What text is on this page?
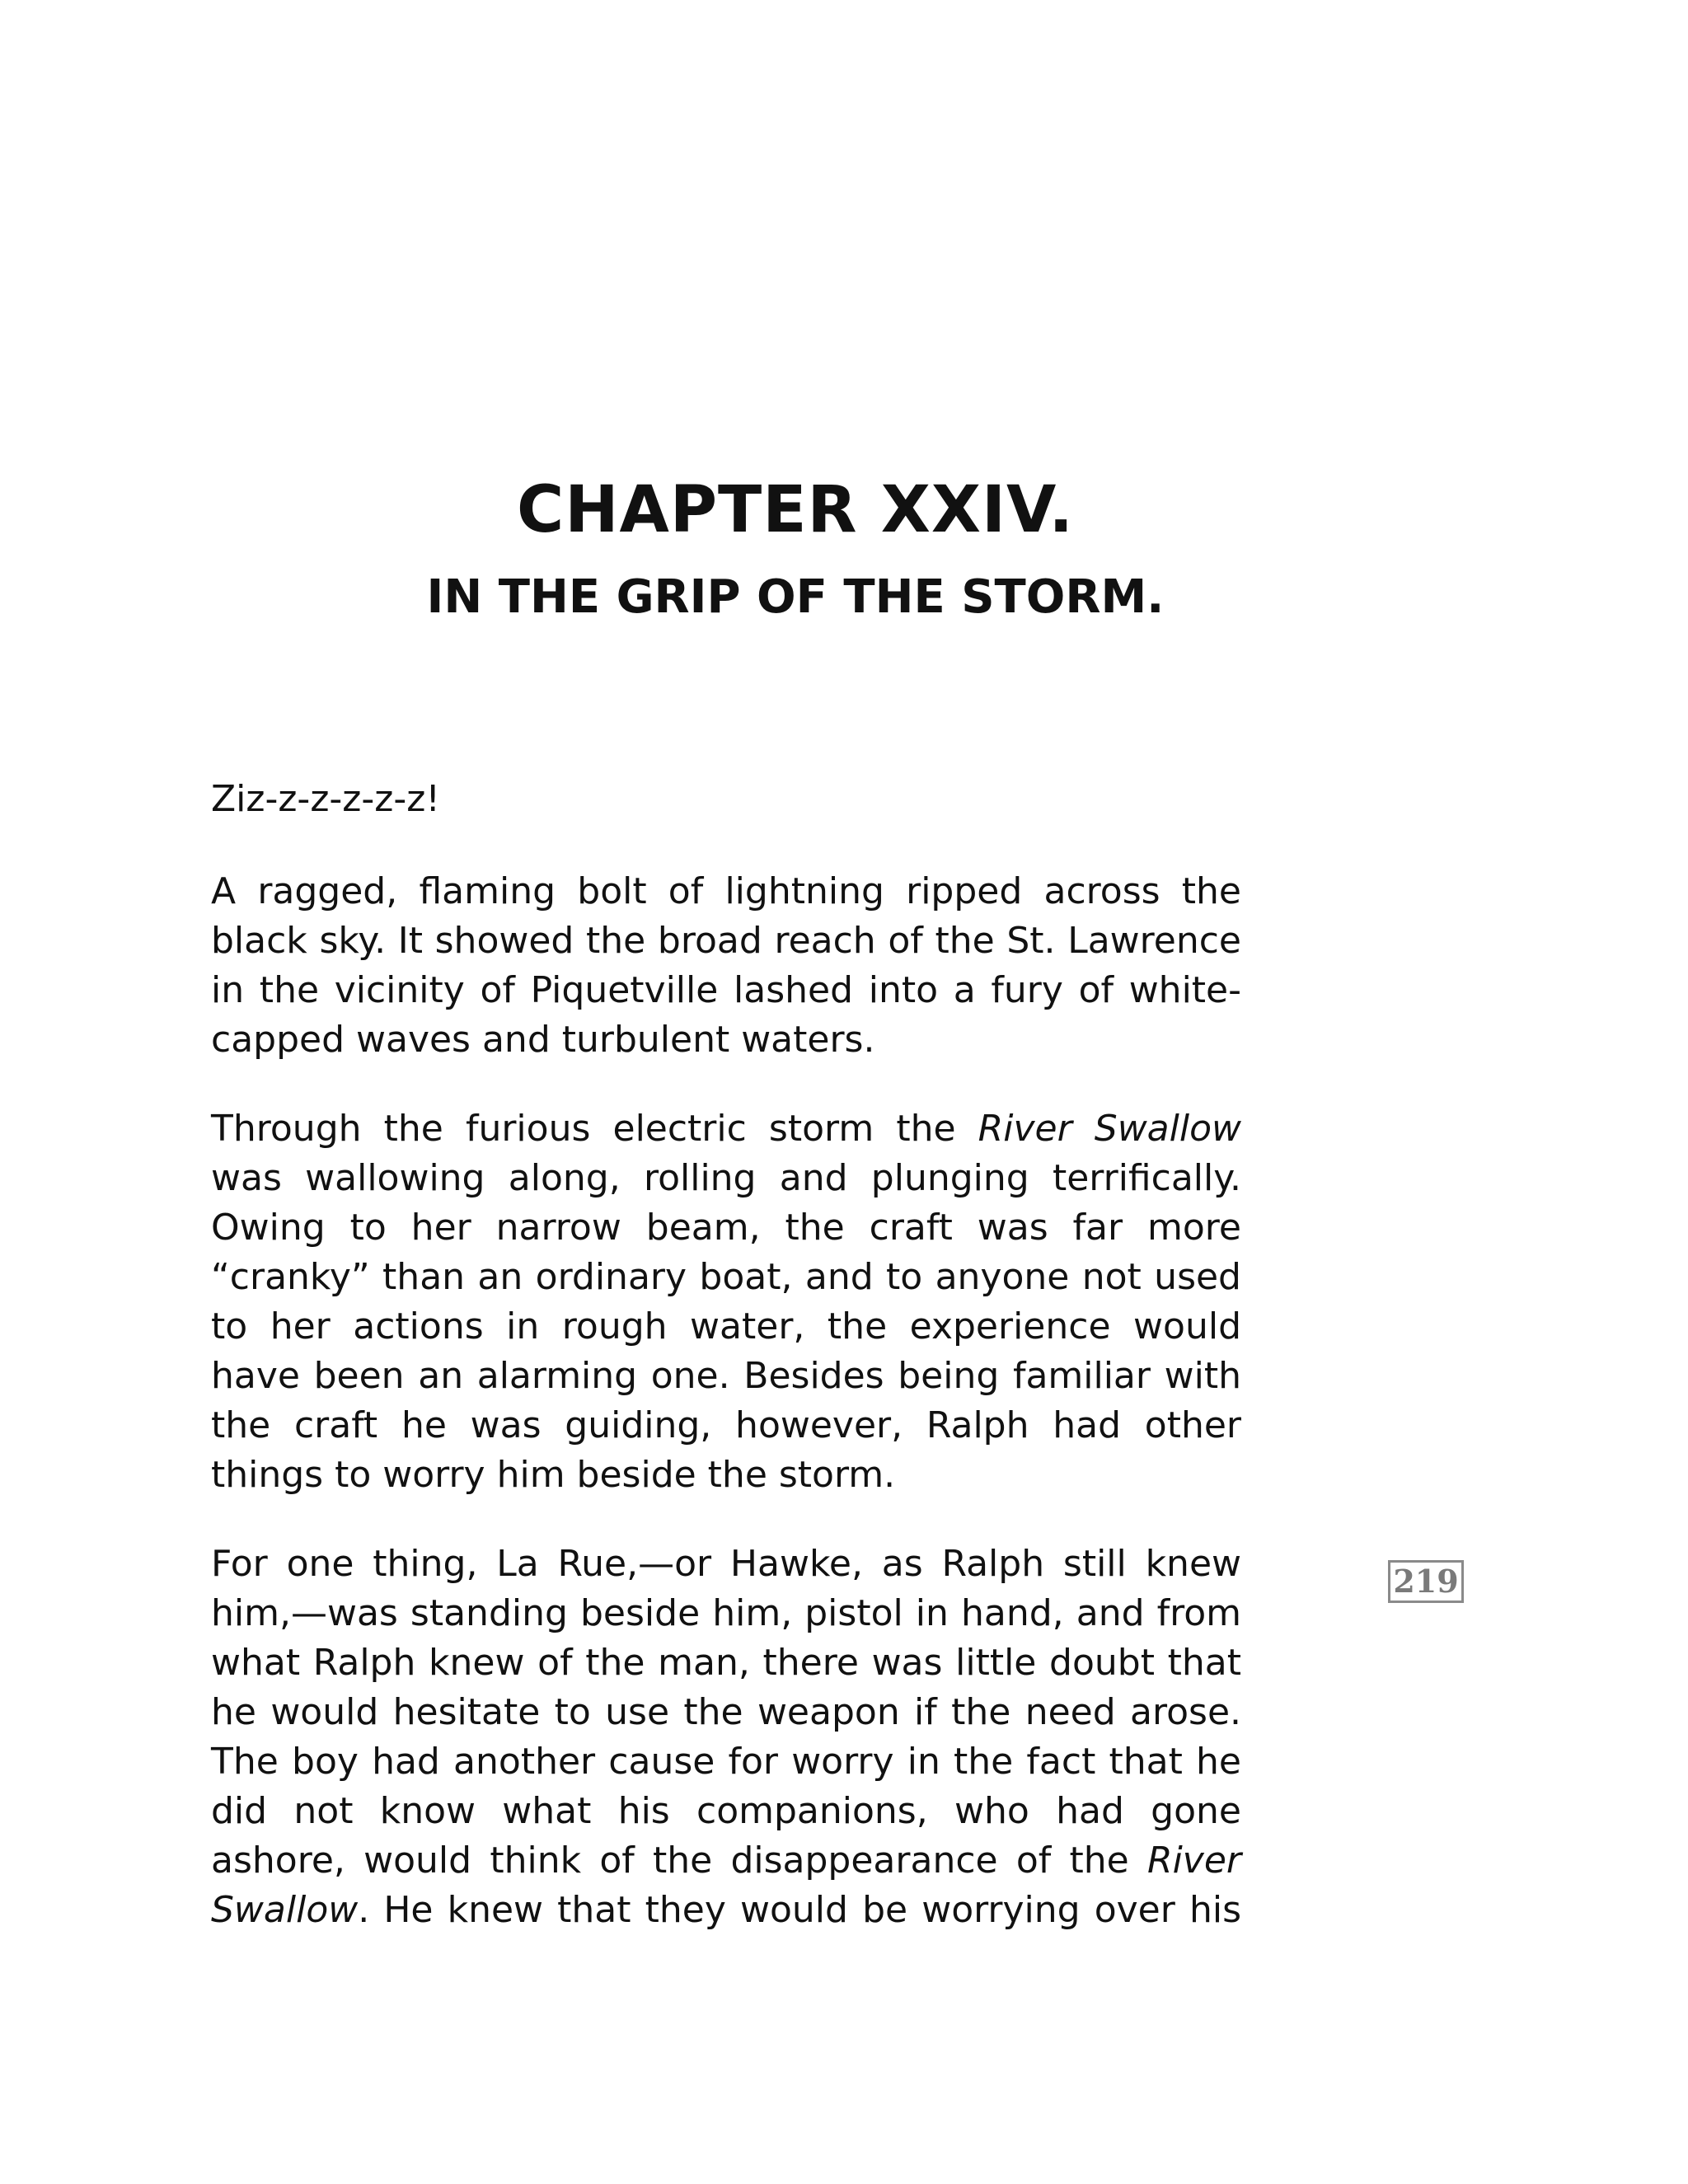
CHAPTER XXIV.
IN THE GRIP OF THE STORM.

Ziz-z-z-z-z-z!

A ragged, flaming bolt of lightning ripped across the black sky. It showed the broad reach of the St. Lawrence in the vicinity of Piquetville lashed into a fury of white-capped waves and turbulent waters.

Through the furious electric storm the River Swallow was wallowing along, rolling and plunging terrifically. Owing to her narrow beam, the craft was far more “cranky” than an ordinary boat, and to anyone not used to her actions in rough water, the experience would have been an alarming one. Besides being familiar with the craft he was guiding, however, Ralph had other things to worry him beside the storm.

For one thing, La Rue,—or Hawke, as Ralph still knew him,—was standing beside him, pistol in hand, and from what Ralph knew of the man, there was little doubt that he would hesitate to use the weapon if the need arose. The boy had another cause for worry in the fact that he did not know what his companions, who had gone ashore, would think of the disappearance of the River Swallow. He knew that they would be worrying over his

219
